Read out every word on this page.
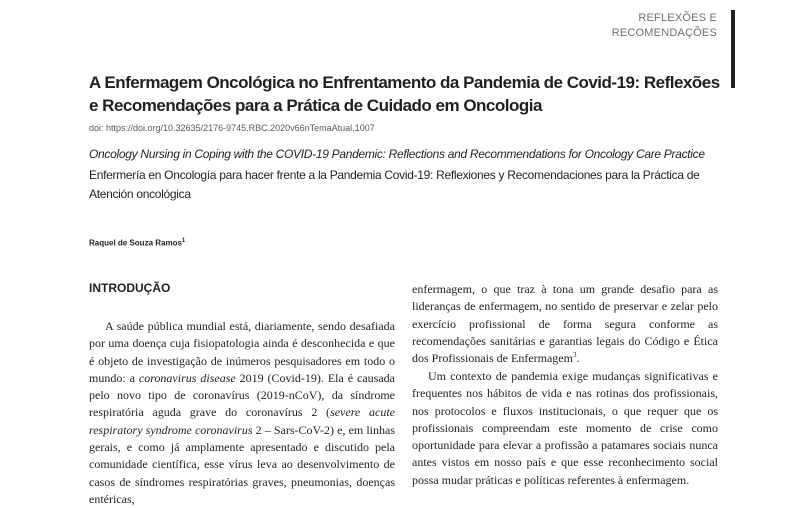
REFLEXÕES E
RECOMENDAÇÕES
A Enfermagem Oncológica no Enfrentamento da Pandemia de Covid-19: Reflexões e Recomendações para a Prática de Cuidado em Oncologia

doi: https://doi.org/10.32635/2176-9745.RBC.2020v66nTemaAtual.1007

Oncology Nursing in Coping with the COVID-19 Pandemic: Reflections and Recommendations for Oncology Care Practice

Enfermería en Oncología para hacer frente a la Pandemia Covid-19: Reflexiones y Recomendaciones para la Práctica de Atención oncológica

Raquel de Souza Ramos$^1$

INTRODUÇÃO

A saúde pública mundial está, diariamente, sendo desafiada por uma doença cuja fisiopatologia ainda é desconhecida e que é objeto de investigação de inúmeros pesquisadores em todo o mundo: a coronavirus disease 2019 (Covid-19). Ela é causada pelo novo tipo de coronavírus (2019-nCoV), da síndrome respiratória aguda grave do coronavírus 2 (severe acute respiratory syndrome coronavirus 2 – Sars-CoV-2) e, em linhas gerais, e como já amplamente apresentado e discutido pela comunidade científica, esse vírus leva ao desenvolvimento de casos de síndromes respiratórias graves, pneumonias, doenças entéricas,

enfermagem, o que traz à tona um grande desafio para as lideranças de enfermagem, no sentido de preservar e zelar pelo exercício profissional de forma segura conforme as recomendações sanitárias e garantias legais do Código e Ética dos Profissionais de Enfermagem$^3$.

Um contexto de pandemia exige mudanças significativas e frequentes nos hábitos de vida e nas rotinas dos profissionais, nos protocolos e fluxos institucionais, o que requer que os profissionais compreendam este momento de crise como oportunidade para elevar a profissão a patamares sociais nunca antes vistos em nosso país e que esse reconhecimento social possa mudar práticas e políticas referentes à enfermagem.
